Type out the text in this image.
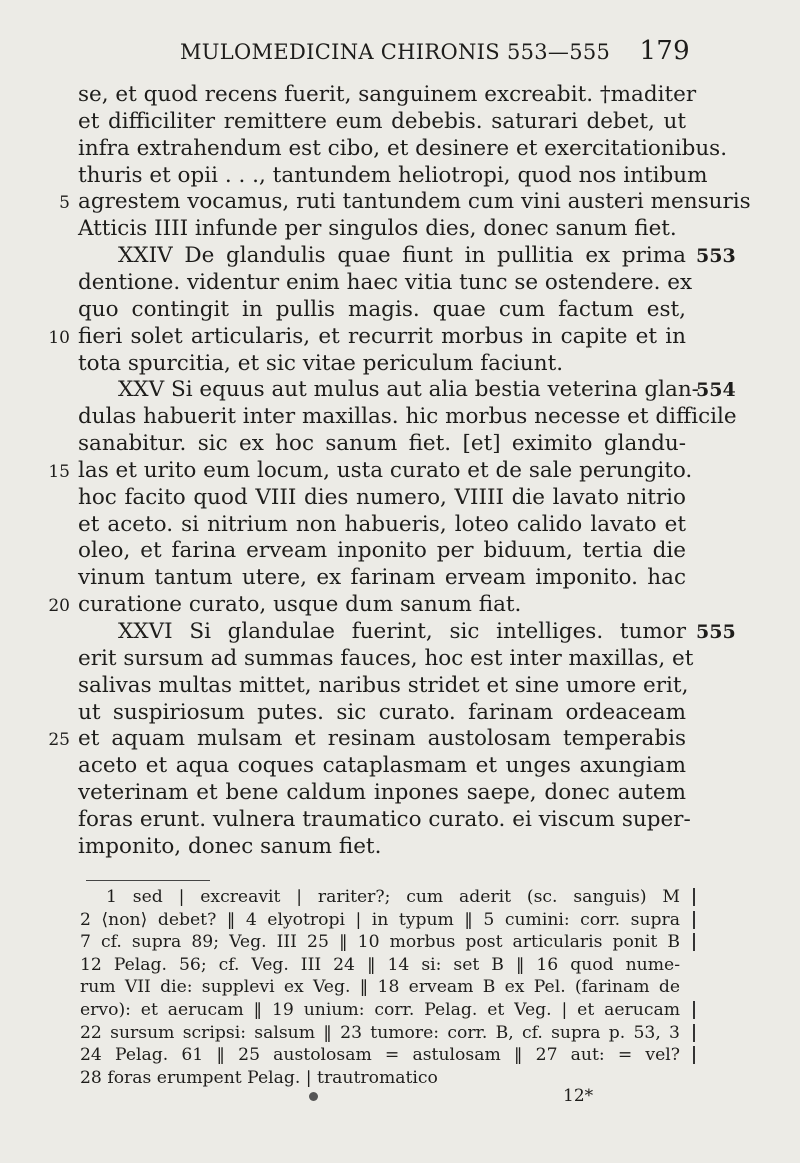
MULOMEDICINA CHIRONIS 553—555 179
se, et quod recens fuerit, sanguinem excreabit. †maditer
et difficiliter remittere eum debebis. saturari debet, ut
infra extrahendum est cibo, et desinere et exercitationibus.
thuris et opii . . ., tantundem heliotropi, quod nos intibum
agrestem vocamus, ruti tantundem cum vini austeri mensuris
5
Atticis IIII infunde per singulos dies, donec sanum fiet.
XXIV De glandulis quae fiunt in pullitia ex prima 553
dentione. videntur enim haec vitia tunc se ostendere. ex
quo contingit in pullis magis. quae cum factum est,
fieri solet articularis, et recurrit morbus in capite et in
10
tota spurcitia, et sic vitae periculum faciunt.
XXV Si equus aut mulus aut alia bestia veterina glan-
554
dulas habuerit inter maxillas. hic morbus necesse et difficile
sanabitur. sic ex hoc sanum fiet. [et] eximito glandu-
las et urito eum locum, usta curato et de sale perungito.
15
hoc facito quod VIII dies numero, VIIII die lavato nitrio
et aceto. si nitrium non habueris, loteo calido lavato et
oleo, et farina erveam inponito per biduum, tertia die
vinum tantum utere, ex farinam erveam imponito. hac
curatione curato, usque dum sanum fiat.
20
XXVI Si glandulae fuerint, sic intelliges. tumor 555
erit sursum ad summas fauces, hoc est inter maxillas, et
salivas multas mittet, naribus stridet et sine umore erit,
ut suspiriosum putes. sic curato. farinam ordeaceam
et aquam mulsam et resinam austolosam temperabis
25
aceto et aqua coques cataplasmam et unges axungiam
veterinam et bene caldum inpones saepe, donec autem
foras erunt. vulnera traumatico curato. ei viscum super-
imponito, donec sanum fiet.
1 sed | excreavit | rariter?; cum aderit (sc. sanguis) M
2 ⟨non⟩ debet? ‖ 4 elyotropi | in typum ‖ 5 cumini: corr. supra
7 cf. supra 89; Veg. III 25 ‖ 10 morbus post articularis ponit B
12 Pelag. 56; cf. Veg. III 24 ‖ 14 si: set B ‖ 16 quod nume-
rum VII die: supplevi ex Veg. ‖ 18 erveam B ex Pel. (farinam de
ervo): et aerucam ‖ 19 unium: corr. Pelag. et Veg. | et aerucam
22 sursum scripsi: salsum ‖ 23 tumore: corr. B, cf. supra p. 53, 3
24 Pelag. 61 ‖ 25 austolosam = astulosam ‖ 27 aut: = vel?
28 foras erumpent Pelag. | trautromatico
12*
